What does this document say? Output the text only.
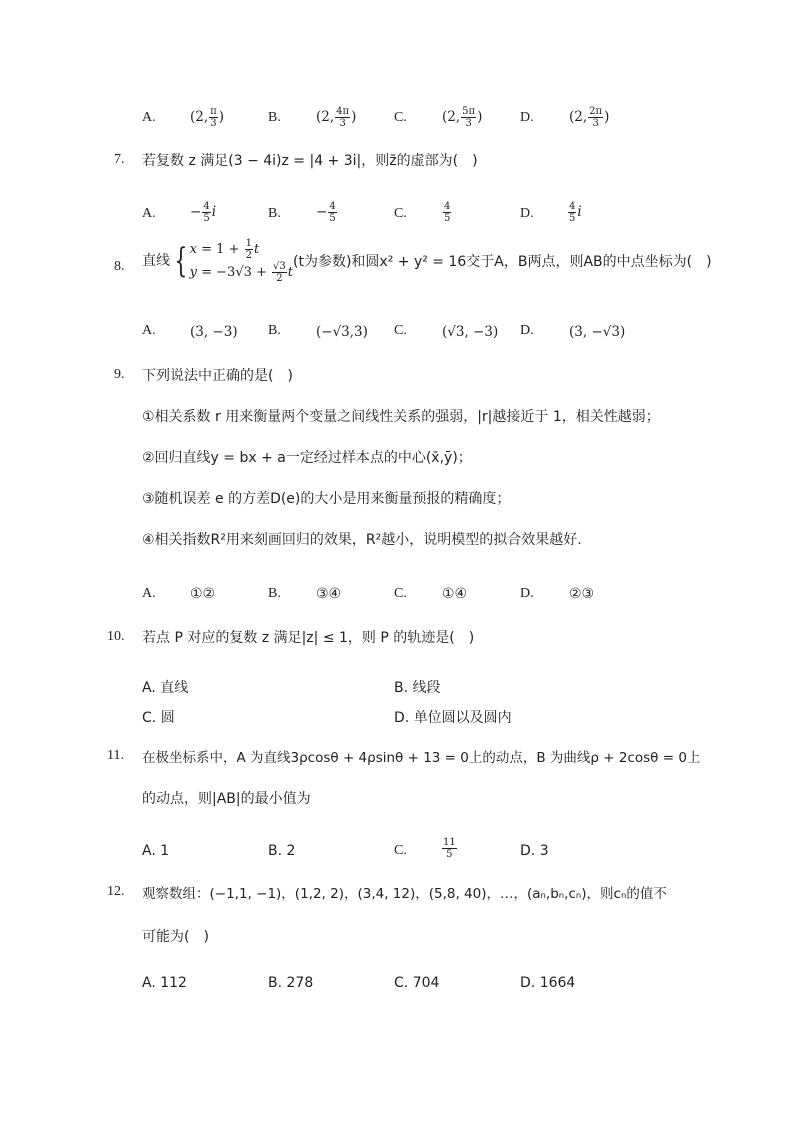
A.	(2, $\frac{\pi}{3}$ )	B.	(2, $\frac{4\pi}{3}$ )	C.	(2, $\frac{5\pi}{3}$ )	D.	(2, $\frac{2\pi}{3}$ )
7. 若复数 z 满足(3 − 4i)z = |4 + 3i|，则z̄的虚部为(　)
A.	− $\frac{4}{5}$ i	B.	− $\frac{4}{5}$	C.	$\frac{4}{5}$	D.	$\frac{4}{5}$ i
8. 直线 { $x = 1 + \frac{1}{2}$ t
$y = -3√3 + \frac{√3}{2}$ t
(t为参数)和圆x² + y² = 16交于A，B两点，则AB的中点坐标为(　)
A.	(3, −3) B.	(−√3,3) C.	(√3, −3) D.	(3, −√3)
9. 下列说法中正确的是(　)
①相关系数 r 用来衡量两个变量之间线性关系的强弱，|r|越接近于 1，相关性越弱；
②回归直线y = bx + a一定经过样本点的中心(x̄,ȳ)；
③随机误差 e 的方差D(e)的大小是用来衡量预报的精确度；
④相关指数R²用来刻画回归的效果，R²越小，说明模型的拟合效果越好.
A. ①②	B.	③④	C.	①④	D.	②③
10. 若点 P 对应的复数 z 满足|z| ≤ 1，则 P 的轨迹是(　)
A. 直线	B. 线段
C. 圆	D. 单位圆以及圆内
11. 在极坐标系中，A 为直线3ρcosθ + 4ρsinθ + 13 = 0上的动点，B 为曲线ρ + 2cosθ = 0上
的动点，则|AB|的最小值为
A. 1	B. 2	C.	$\frac{11}{5}$	D. 3
12. 观察数组：(−1,1, −1)，(1,2, 2)，(3,4, 12)，(5,8, 40)，…，(aₙ,bₙ,cₙ)，则cₙ的值不
可能为(　)
A. 112	B. 278	C. 704	D. 1664
